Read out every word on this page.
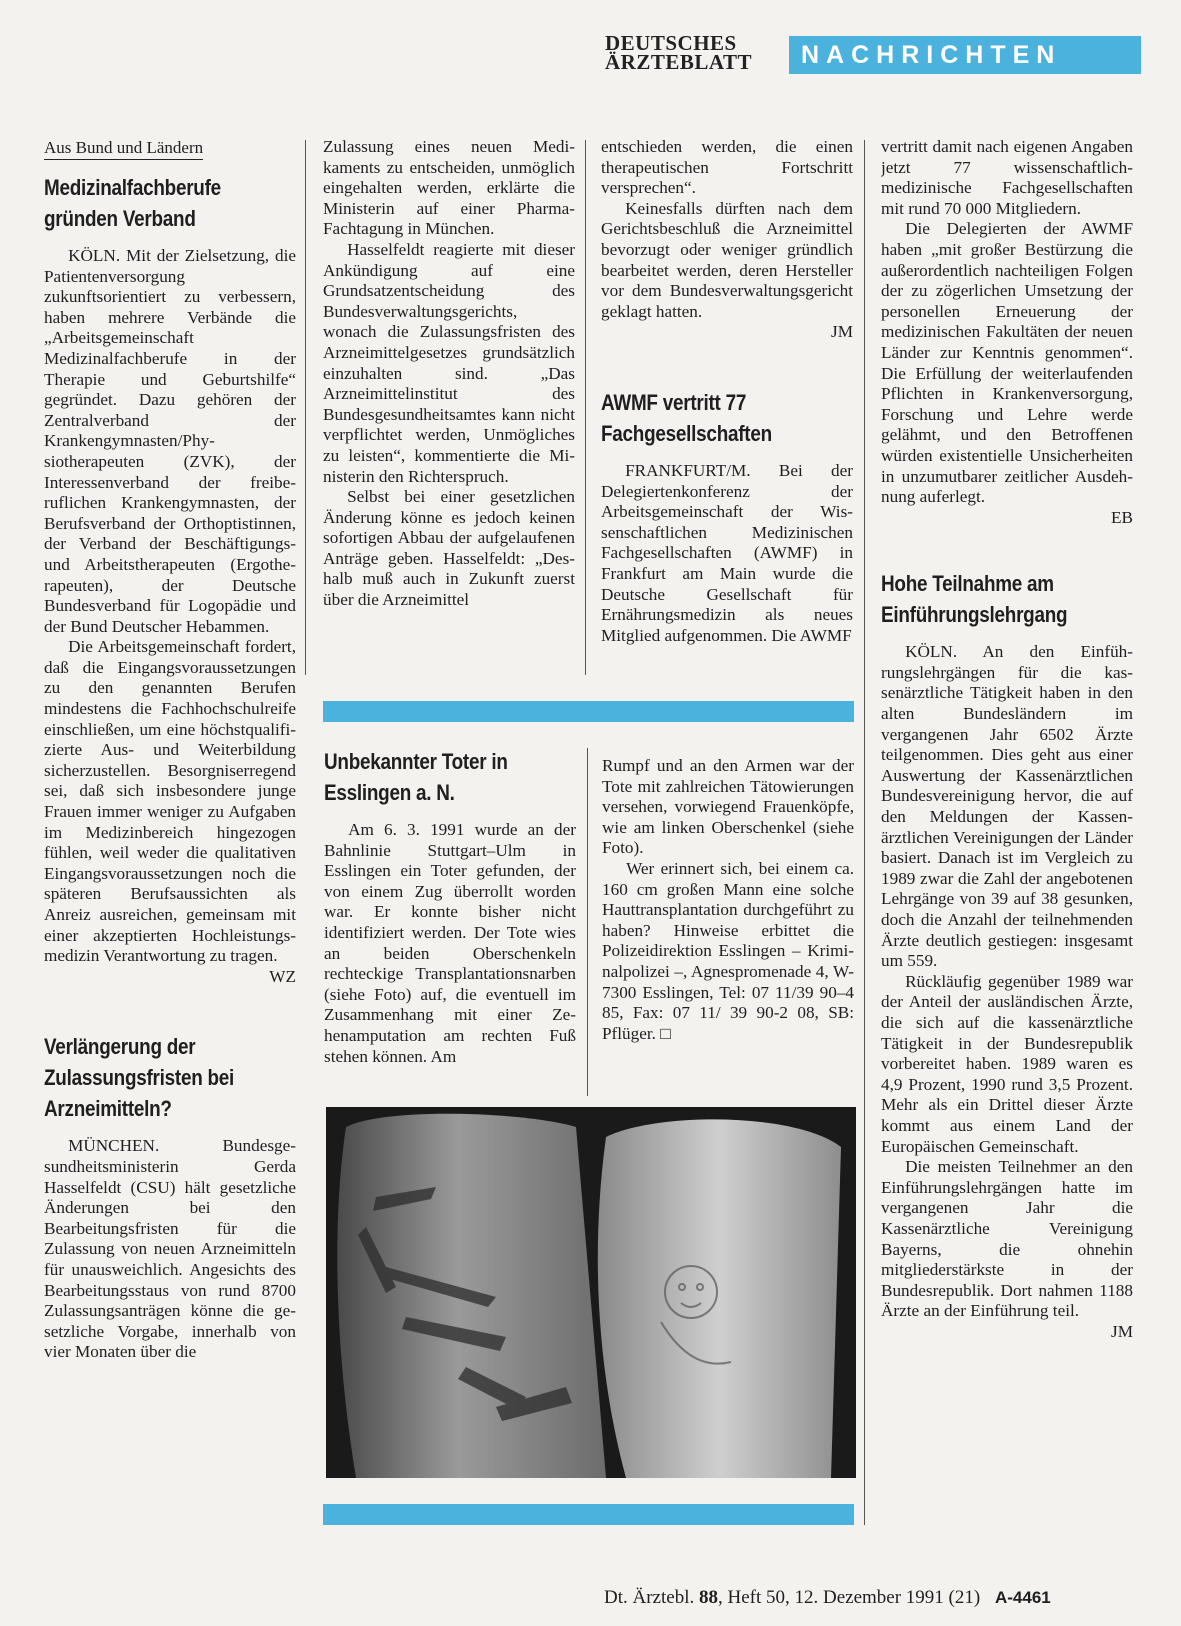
DEUTSCHES
ÄRZTEBLATT	NACHRICHTEN
Aus Bund und Ländern
Medizinalfachberufe gründen Verband

KÖLN. Mit der Zielsetzung, die Patientenversorgung zukunftsorientiert zu verbessern, haben mehrere Verbände die „Arbeitsgemeinschaft Medizinalfachberufe in der Therapie und Geburtshilfe“ gegründet. Dazu gehören der Zentralverband der Krankengymnasten/Physiotherapeuten (ZVK), der Interessenverband der freiberuflichen Krankengymnasten, der Berufsverband der Orthoptistinnen, der Verband der Beschäftigungs- und Arbeitstherapeuten (Ergotherapeuten), der Deutsche Bundesverband für Logopädie und der Bund Deutscher Hebammen.

Die Arbeitsgemeinschaft fordert, daß die Eingangsvoraussetzungen zu den genannten Berufen mindestens die Fachhochschulreife einschließen, um eine höchstqualifizierte Aus- und Weiterbildung sicherzustellen. Besorgniserregend sei, daß sich insbesondere junge Frauen immer weniger zu Aufgaben im Medizinbereich hingezogen fühlen, weil weder die qualitativen Eingangsvoraussetzungen noch die späteren Berufsaussichten als Anreiz ausreichen, gemeinsam mit einer akzeptierten Hochleistungsmedizin Verantwortung zu tragen.

WZ

Verlängerung der Zulassungsfristen bei Arzneimitteln?

MÜNCHEN. Bundesgesundheitsministerin Gerda Hasselfeldt (CSU) hält gesetzliche Änderungen bei den Bearbeitungsfristen für die Zulassung von neuen Arzneimitteln für unausweichlich. Angesichts des Bearbeitungsstaus von rund 8700 Zulassungsanträgen könne die gesetzliche Vorgabe, innerhalb von vier Monaten über die

Zulassung eines neuen Medikaments zu entscheiden, unmöglich eingehalten werden, erklärte die Ministerin auf einer Pharma-Fachtagung in München.

Hasselfeldt reagierte mit dieser Ankündigung auf eine Grundsatzentscheidung des Bundesverwaltungsgerichts, wonach die Zulassungsfristen des Arzneimittelgesetzes grundsätzlich einzuhalten sind. „Das Arzneimittelinstitut des Bundesgesundheitsamtes kann nicht verpflichtet werden, Unmögliches zu leisten“, kommentierte die Ministerin den Richterspruch.

Selbst bei einer gesetzlichen Änderung könne es jedoch keinen sofortigen Abbau der aufgelaufenen Anträge geben. Hasselfeldt: „Deshalb muß auch in Zukunft zuerst über die Arzneimittel

entschieden werden, die einen therapeutischen Fortschritt versprechen“.

Keinesfalls dürften nach dem Gerichtsbeschluß die Arzneimittel bevorzugt oder weniger gründlich bearbeitet werden, deren Hersteller vor dem Bundesverwaltungsgericht geklagt hatten.

JM

AWMF vertritt 77 Fachgesellschaften

FRANKFURT/M. Bei der Delegiertenkonferenz der Arbeitsgemeinschaft der Wissenschaftlichen Medizinischen Fachgesellschaften (AWMF) in Frankfurt am Main wurde die Deutsche Gesellschaft für Ernährungsmedizin als neues Mitglied aufgenommen. Die AWMF

vertritt damit nach eigenen Angaben jetzt 77 wissenschaftlich-medizinische Fachgesellschaften mit rund 70 000 Mitgliedern.

Die Delegierten der AWMF haben „mit großer Bestürzung die außerordentlich nachteiligen Folgen der zu zögerlichen Umsetzung der personellen Erneuerung der medizinischen Fakultäten der neuen Länder zur Kenntnis genommen“. Die Erfüllung der weiterlaufenden Pflichten in Krankenversorgung, Forschung und Lehre werde gelähmt, und den Betroffenen würden existentielle Unsicherheiten in unzumutbarer zeitlicher Ausdehnung auferlegt.

EB

Hohe Teilnahme am Einführungslehrgang

KÖLN. An den Einführungslehrgängen für die kassenärztliche Tätigkeit haben in den alten Bundesländern im vergangenen Jahr 6502 Ärzte teilgenommen. Dies geht aus einer Auswertung der Kassenärztlichen Bundesvereinigung hervor, die auf den Meldungen der Kassenärztlichen Vereinigungen der Länder basiert. Danach ist im Vergleich zu 1989 zwar die Zahl der angebotenen Lehrgänge von 39 auf 38 gesunken, doch die Anzahl der teilnehmenden Ärzte deutlich gestiegen: insgesamt um 559.

Rückläufig gegenüber 1989 war der Anteil der ausländischen Ärzte, die sich auf die kassenärztliche Tätigkeit in der Bundesrepublik vorbereitet haben. 1989 waren es 4,9 Prozent, 1990 rund 3,5 Prozent. Mehr als ein Drittel dieser Ärzte kommt aus einem Land der Europäischen Gemeinschaft.

Die meisten Teilnehmer an den Einführungslehrgängen hatte im vergangenen Jahr die Kassenärztliche Vereinigung Bayerns, die ohnehin mitgliederstärkste in der Bundesrepublik. Dort nahmen 1188 Ärzte an der Einführung teil.

JM

Unbekannter Toter in Esslingen a. N.

Am 6. 3. 1991 wurde an der Bahnlinie Stuttgart–Ulm in Esslingen ein Toter gefunden, der von einem Zug überrollt worden war. Er konnte bisher nicht identifiziert werden. Der Tote wies an beiden Oberschenkeln rechteckige Transplantationsnarben (siehe Foto) auf, die eventuell im Zusammenhang mit einer Zehenamputation am rechten Fuß stehen können. Am

Rumpf und an den Armen war der Tote mit zahlreichen Tätowierungen versehen, vorwiegend Frauenköpfe, wie am linken Oberschenkel (siehe Foto).

Wer erinnert sich, bei einem ca. 160 cm großen Mann eine solche Hauttransplantation durchgeführt zu haben? Hinweise erbittet die Polizeidirektion Esslingen – Kriminalpolizei –, Agnespromenade 4, W-7300 Esslingen, Tel: 07 11/39 90–4 85, Fax: 07 11/ 39 90-2 08, SB: Pflüger. □

Dt. Ärztebl. 88, Heft 50, 12. Dezember 1991 (21) A-4461
